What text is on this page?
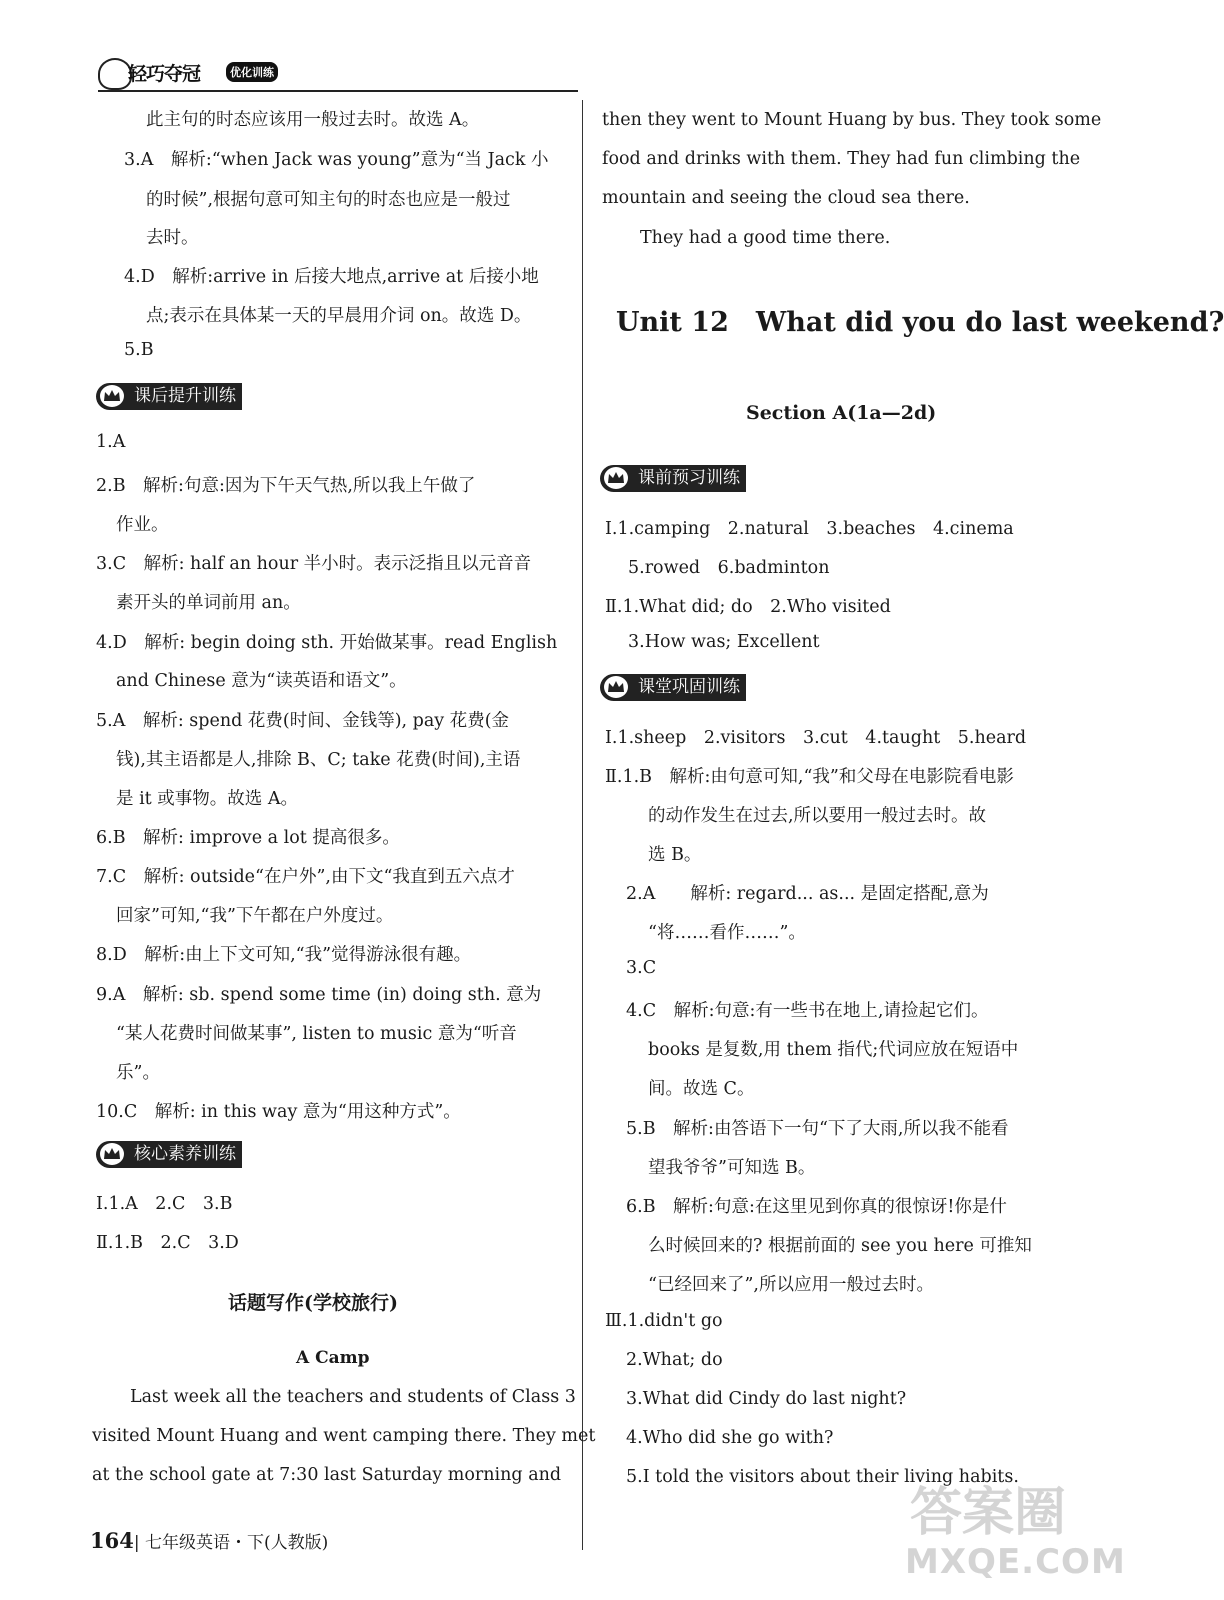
轻巧夺冠	优化训练

此主句的时态应该用一般过去时。故选 A。

3.A　解析:“when Jack was young”意为“当 Jack 小

的时候”,根据句意可知主句的时态也应是一般过

去时。

4.D　解析:arrive in 后接大地点,arrive at 后接小地

点;表示在具体某一天的早晨用介词 on。故选 D。

5.B

课后提升训练

1.A

2.B　解析:句意:因为下午天气热,所以我上午做了

作业。

3.C　解析: half an hour 半小时。表示泛指且以元音音

素开头的单词前用 an。

4.D　解析: begin doing sth. 开始做某事。read English

and Chinese 意为“读英语和语文”。

5.A　解析: spend 花费(时间、金钱等), pay 花费(金

钱),其主语都是人,排除 B、C; take 花费(时间),主语

是 it 或事物。故选 A。

6.B　解析: improve a lot 提高很多。

7.C　解析: outside“在户外”,由下文“我直到五六点才

回家”可知,“我”下午都在户外度过。

8.D　解析:由上下文可知,“我”觉得游泳很有趣。

9.A　解析: sb. spend some time (in) doing sth. 意为

“某人花费时间做某事”, listen to music 意为“听音

乐”。

10.C　解析: in this way 意为“用这种方式”。

核心素养训练

Ⅰ.1.A　2.C　3.B

Ⅱ.1.B　2.C　3.D

话题写作(学校旅行)
A Camp

Last week all the teachers and students of Class 3

visited Mount Huang and went camping there. They met

at the school gate at 7:30 last Saturday morning and

then they went to Mount Huang by bus. They took some

food and drinks with them. They had fun climbing the

mountain and seeing the cloud sea there.

They had a good time there.

Unit 12　What did you do last weekend?
Section A(1a—2d)
课前预习训练

Ⅰ.1.camping　2.natural　3.beaches　4.cinema

5.rowed　6.badminton

Ⅱ.1.What did; do　2.Who visited

3.How was; Excellent

课堂巩固训练

Ⅰ.1.sheep　2.visitors　3.cut　4.taught　5.heard

Ⅱ.1.B　解析:由句意可知,“我”和父母在电影院看电影

的动作发生在过去,所以要用一般过去时。故

选 B。

2.A　　解析: regard... as... 是固定搭配,意为

“将……看作……”。

3.C

4.C　解析:句意:有一些书在地上,请捡起它们。

books 是复数,用 them 指代;代词应放在短语中

间。故选 C。

5.B　解析:由答语下一句“下了大雨,所以我不能看

望我爷爷”可知选 B。

6.B　解析:句意:在这里见到你真的很惊讶!你是什

么时候回来的? 根据前面的 see you here 可推知

“已经回来了”,所以应用一般过去时。

Ⅲ.1.didn't go

2.What; do

3.What did Cindy do last night?

4.Who did she go with?

5.I told the visitors about their living habits.

164| 七年级英语・下(人教版)	答案圈
MXQE.COM
